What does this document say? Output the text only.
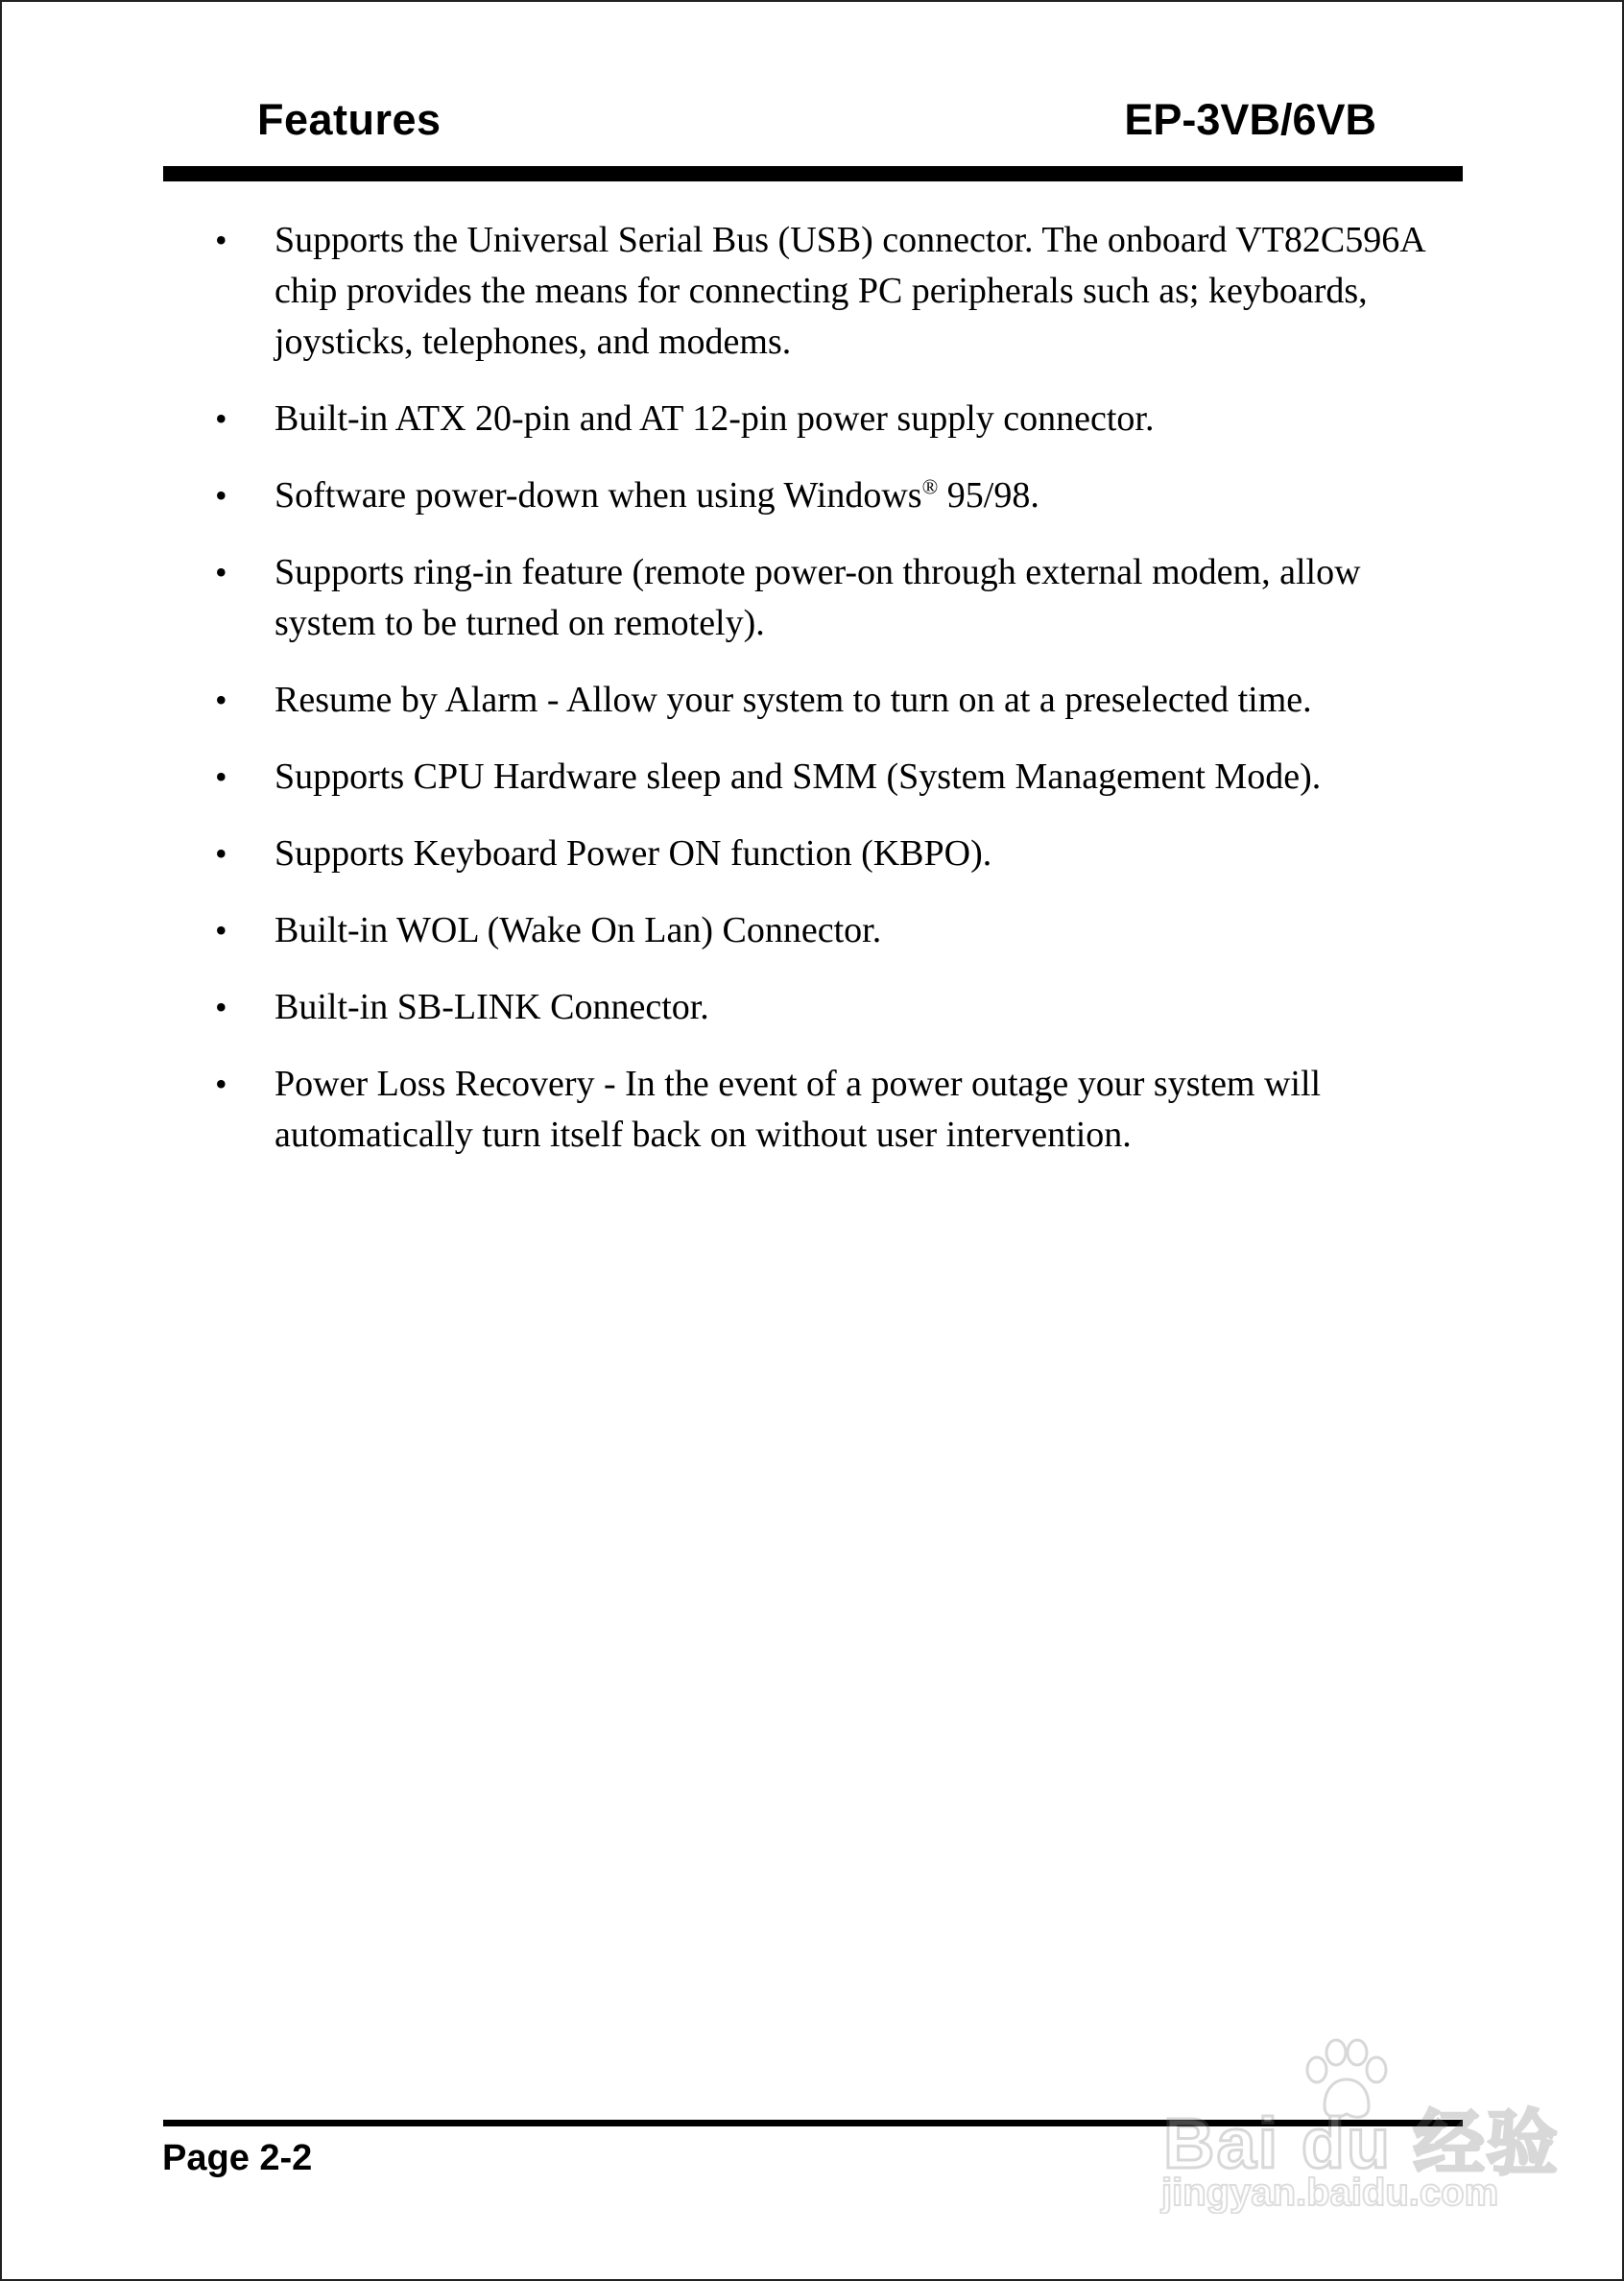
Features	EP-3VB/6VB
•	Supports the Universal Serial Bus (USB) connector. The onboard VT82C596A chip provides the means for connecting PC peripherals such as; keyboards, joysticks, telephones, and modems.
•	Built-in ATX 20-pin and AT 12-pin power supply connector.
•	Software power-down when using Windows® 95/98.
•	Supports ring-in feature (remote power-on through external modem, allow system to be turned on remotely).
•	Resume by Alarm - Allow your system to turn on at a preselected time.
•	Supports CPU Hardware sleep and SMM (System Management Mode).
•	Supports Keyboard Power ON function (KBPO).
•	Built-in WOL (Wake On Lan) Connector.
•	Built-in SB-LINK Connector.
•	Power Loss Recovery - In the event of a power outage your system will automatically turn itself back on without user intervention.
Page 2-2	Bai du 经验
jingyan.baidu.com
